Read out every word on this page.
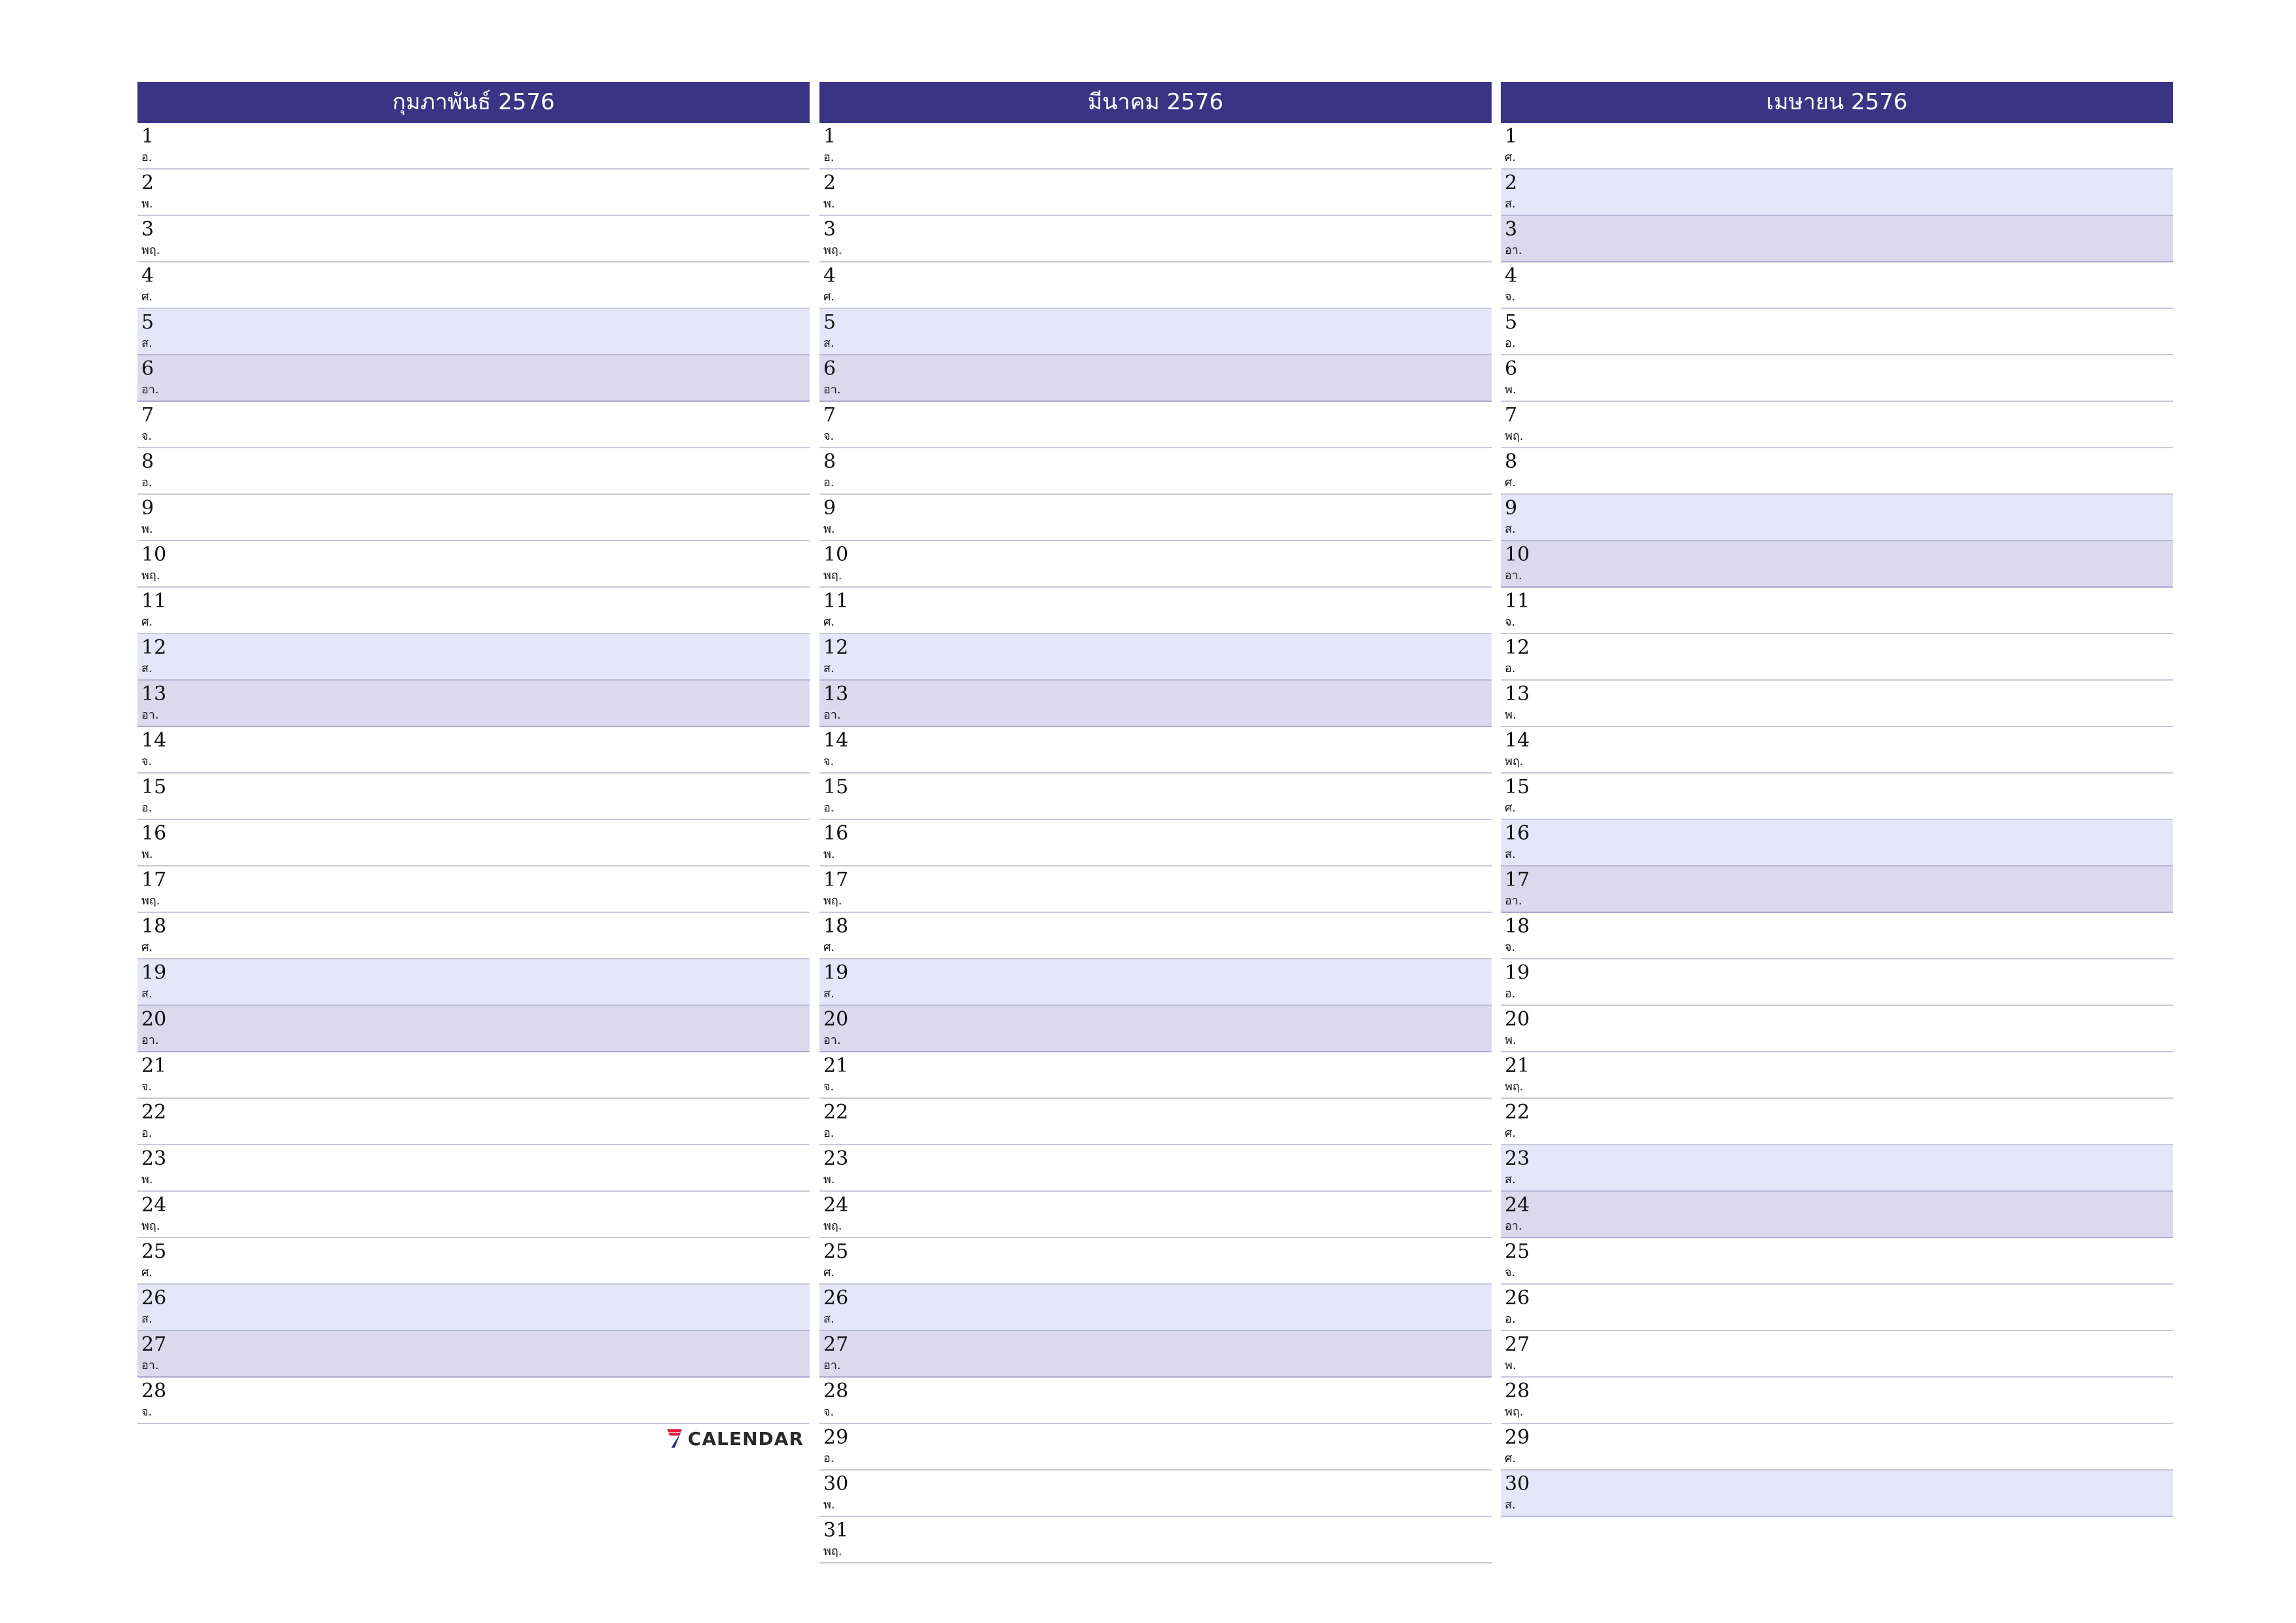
กุมภาพันธ์ 2576
1
อ.
2
พ.
3
พฤ.
4
ศ.
5
ส.
6
อา.
7
จ.
8
อ.
9
พ.
10
พฤ.
11
ศ.
12
ส.
13
อา.
14
จ.
15
อ.
16
พ.
17
พฤ.
18
ศ.
19
ส.
20
อา.
21
จ.
22
อ.
23
พ.
24
พฤ.
25
ศ.
26
ส.
27
อา.
28
จ.
มีนาคม 2576
1
อ.
2
พ.
3
พฤ.
4
ศ.
5
ส.
6
อา.
7
จ.
8
อ.
9
พ.
10
พฤ.
11
ศ.
12
ส.
13
อา.
14
จ.
15
อ.
16
พ.
17
พฤ.
18
ศ.
19
ส.
20
อา.
21
จ.
22
อ.
23
พ.
24
พฤ.
25
ศ.
26
ส.
27
อา.
28
จ.
29
อ.
30
พ.
31
พฤ.
เมษายน 2576
1
ศ.
2
ส.
3
อา.
4
จ.
5
อ.
6
พ.
7
พฤ.
8
ศ.
9
ส.
10
อา.
11
จ.
12
อ.
13
พ.
14
พฤ.
15
ศ.
16
ส.
17
อา.
18
จ.
19
อ.
20
พ.
21
พฤ.
22
ศ.
23
ส.
24
อา.
25
จ.
26
อ.
27
พ.
28
พฤ.
29
ศ.
30
ส.
CALENDAR
